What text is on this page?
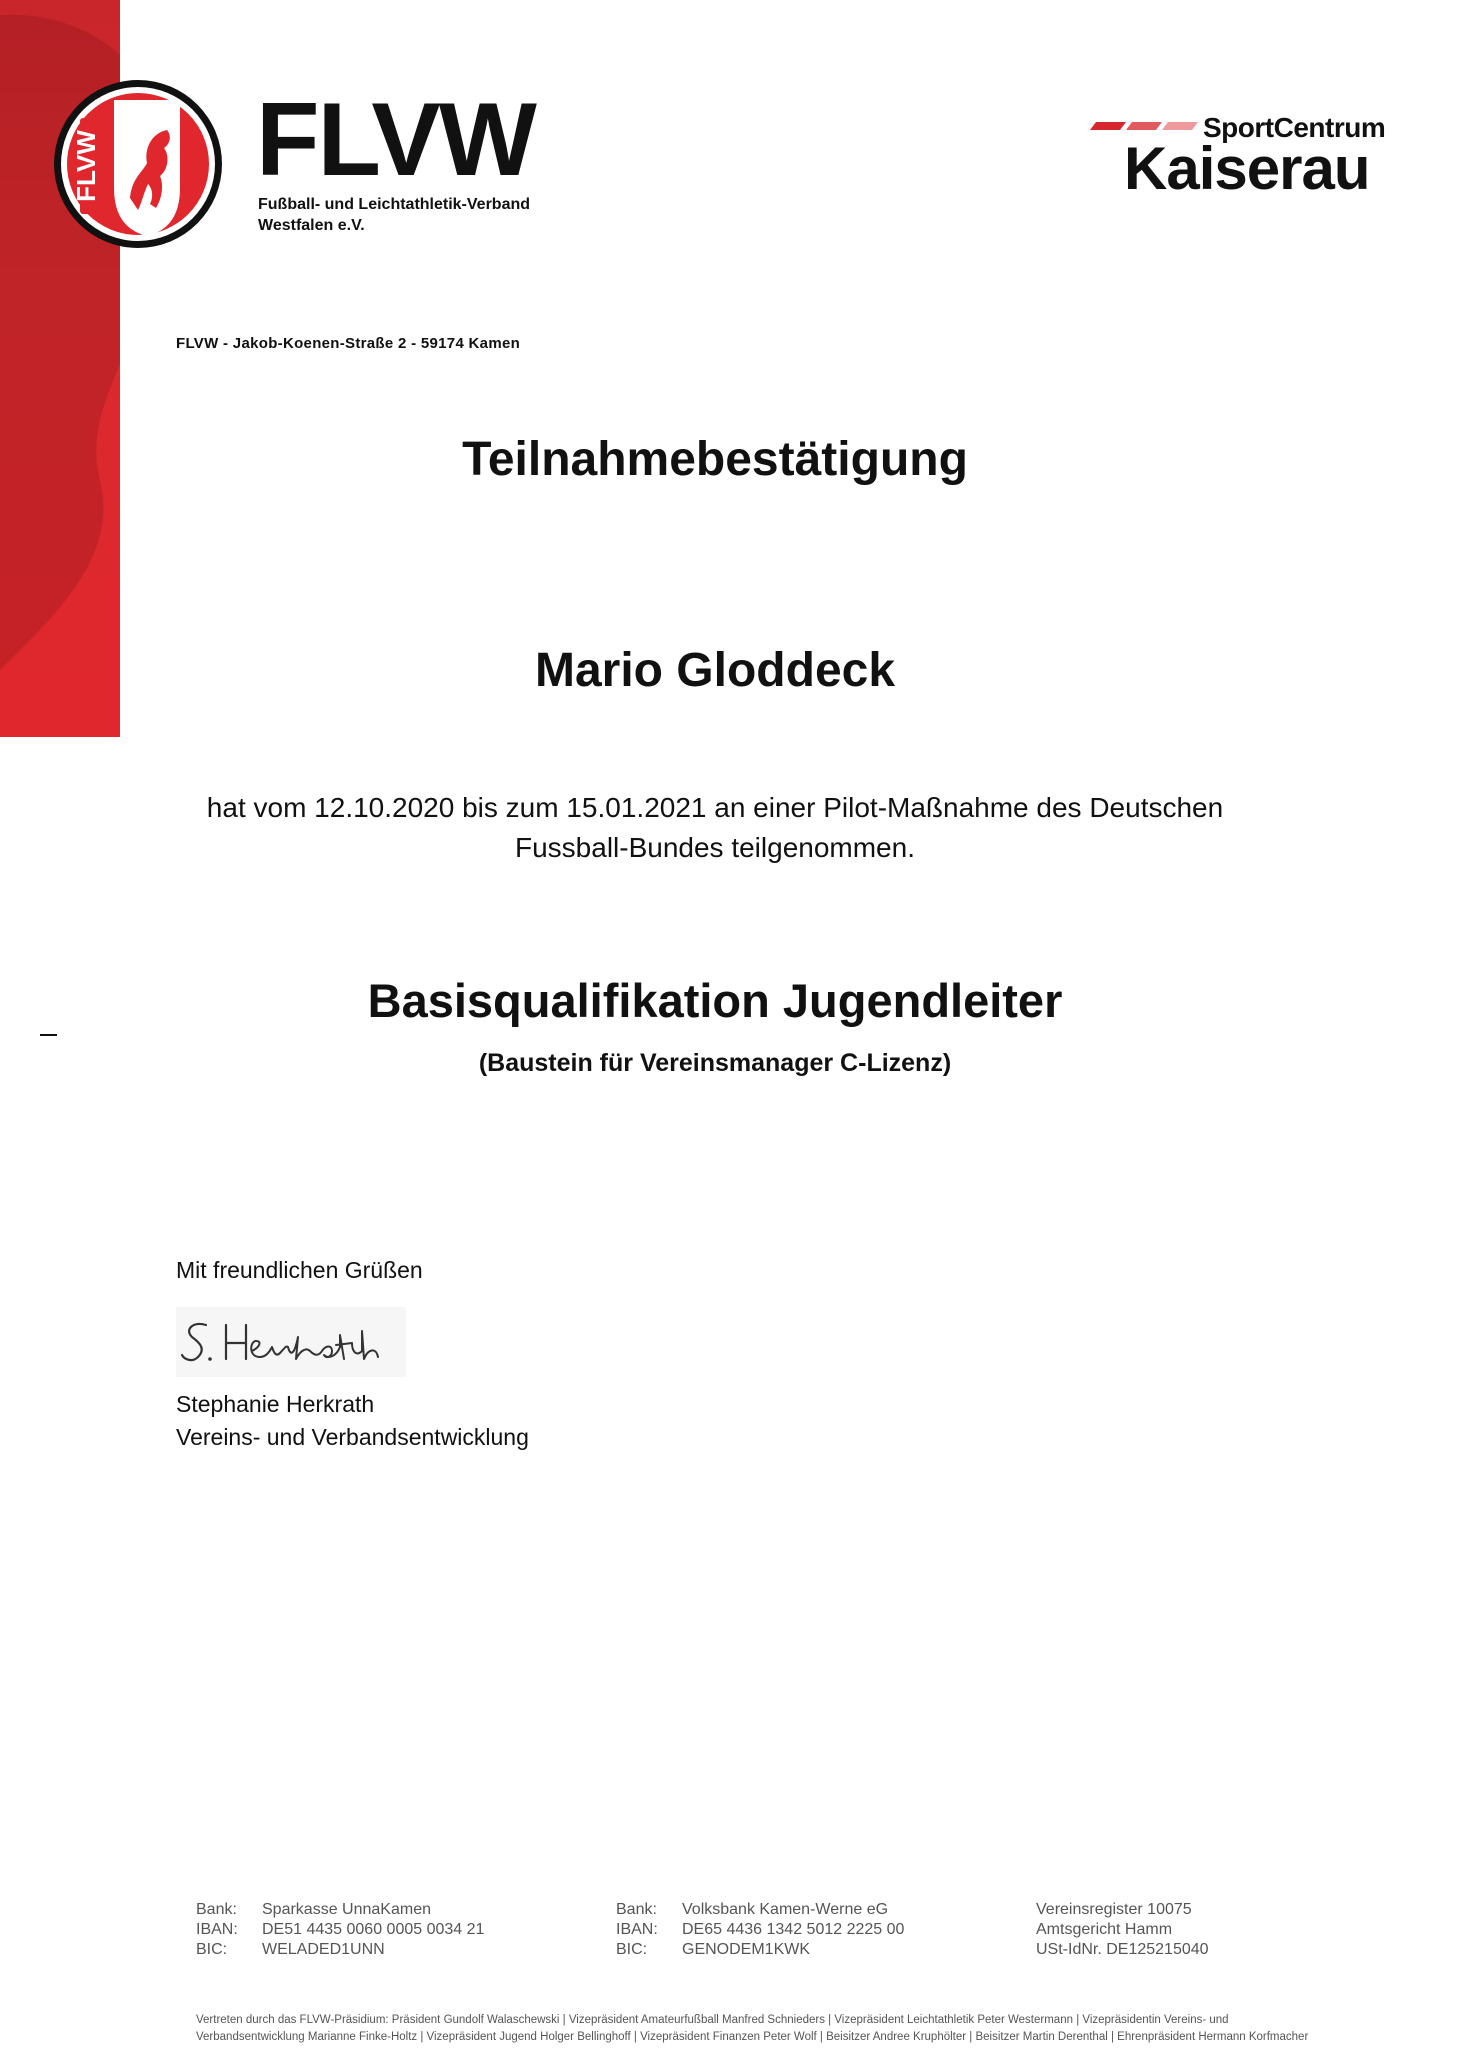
FLVW FLVW
Fußball- und Leichtathletik-Verband
Westfalen e.V.
SportCentrum
Kaiserau
FLVW - Jakob-Koenen-Straße 2 - 59174 Kamen
Teilnahmebestätigung
Mario Gloddeck
hat vom 12.10.2020 bis zum 15.01.2021 an einer Pilot-Maßnahme des Deutschen
Fussball-Bundes teilgenommen.
Basisqualifikation Jugendleiter
(Baustein für Vereinsmanager C-Lizenz)
Mit freundlichen Grüßen
Stephanie Herkrath
Vereins- und Verbandsentwicklung
Bank: Sparkasse UnnaKamen
IBAN: DE51 4435 0060 0005 0034 21
BIC: WELADED1UNN
Bank: Volksbank Kamen-Werne eG
IBAN: DE65 4436 1342 5012 2225 00
BIC: GENODEM1KWK
Vereinsregister 10075
Amtsgericht Hamm
USt-IdNr. DE125215040
Vertreten durch das FLVW-Präsidium: Präsident Gundolf Walaschewski | Vizepräsident Amateurfußball Manfred Schnieders | Vizepräsident Leichtathletik Peter Westermann | Vizepräsidentin Vereins- und
Verbandsentwicklung Marianne Finke-Holtz | Vizepräsident Jugend Holger Bellinghoff | Vizepräsident Finanzen Peter Wolf | Beisitzer Andree Kruphölter | Beisitzer Martin Derenthal | Ehrenpräsident Hermann Korfmacher
